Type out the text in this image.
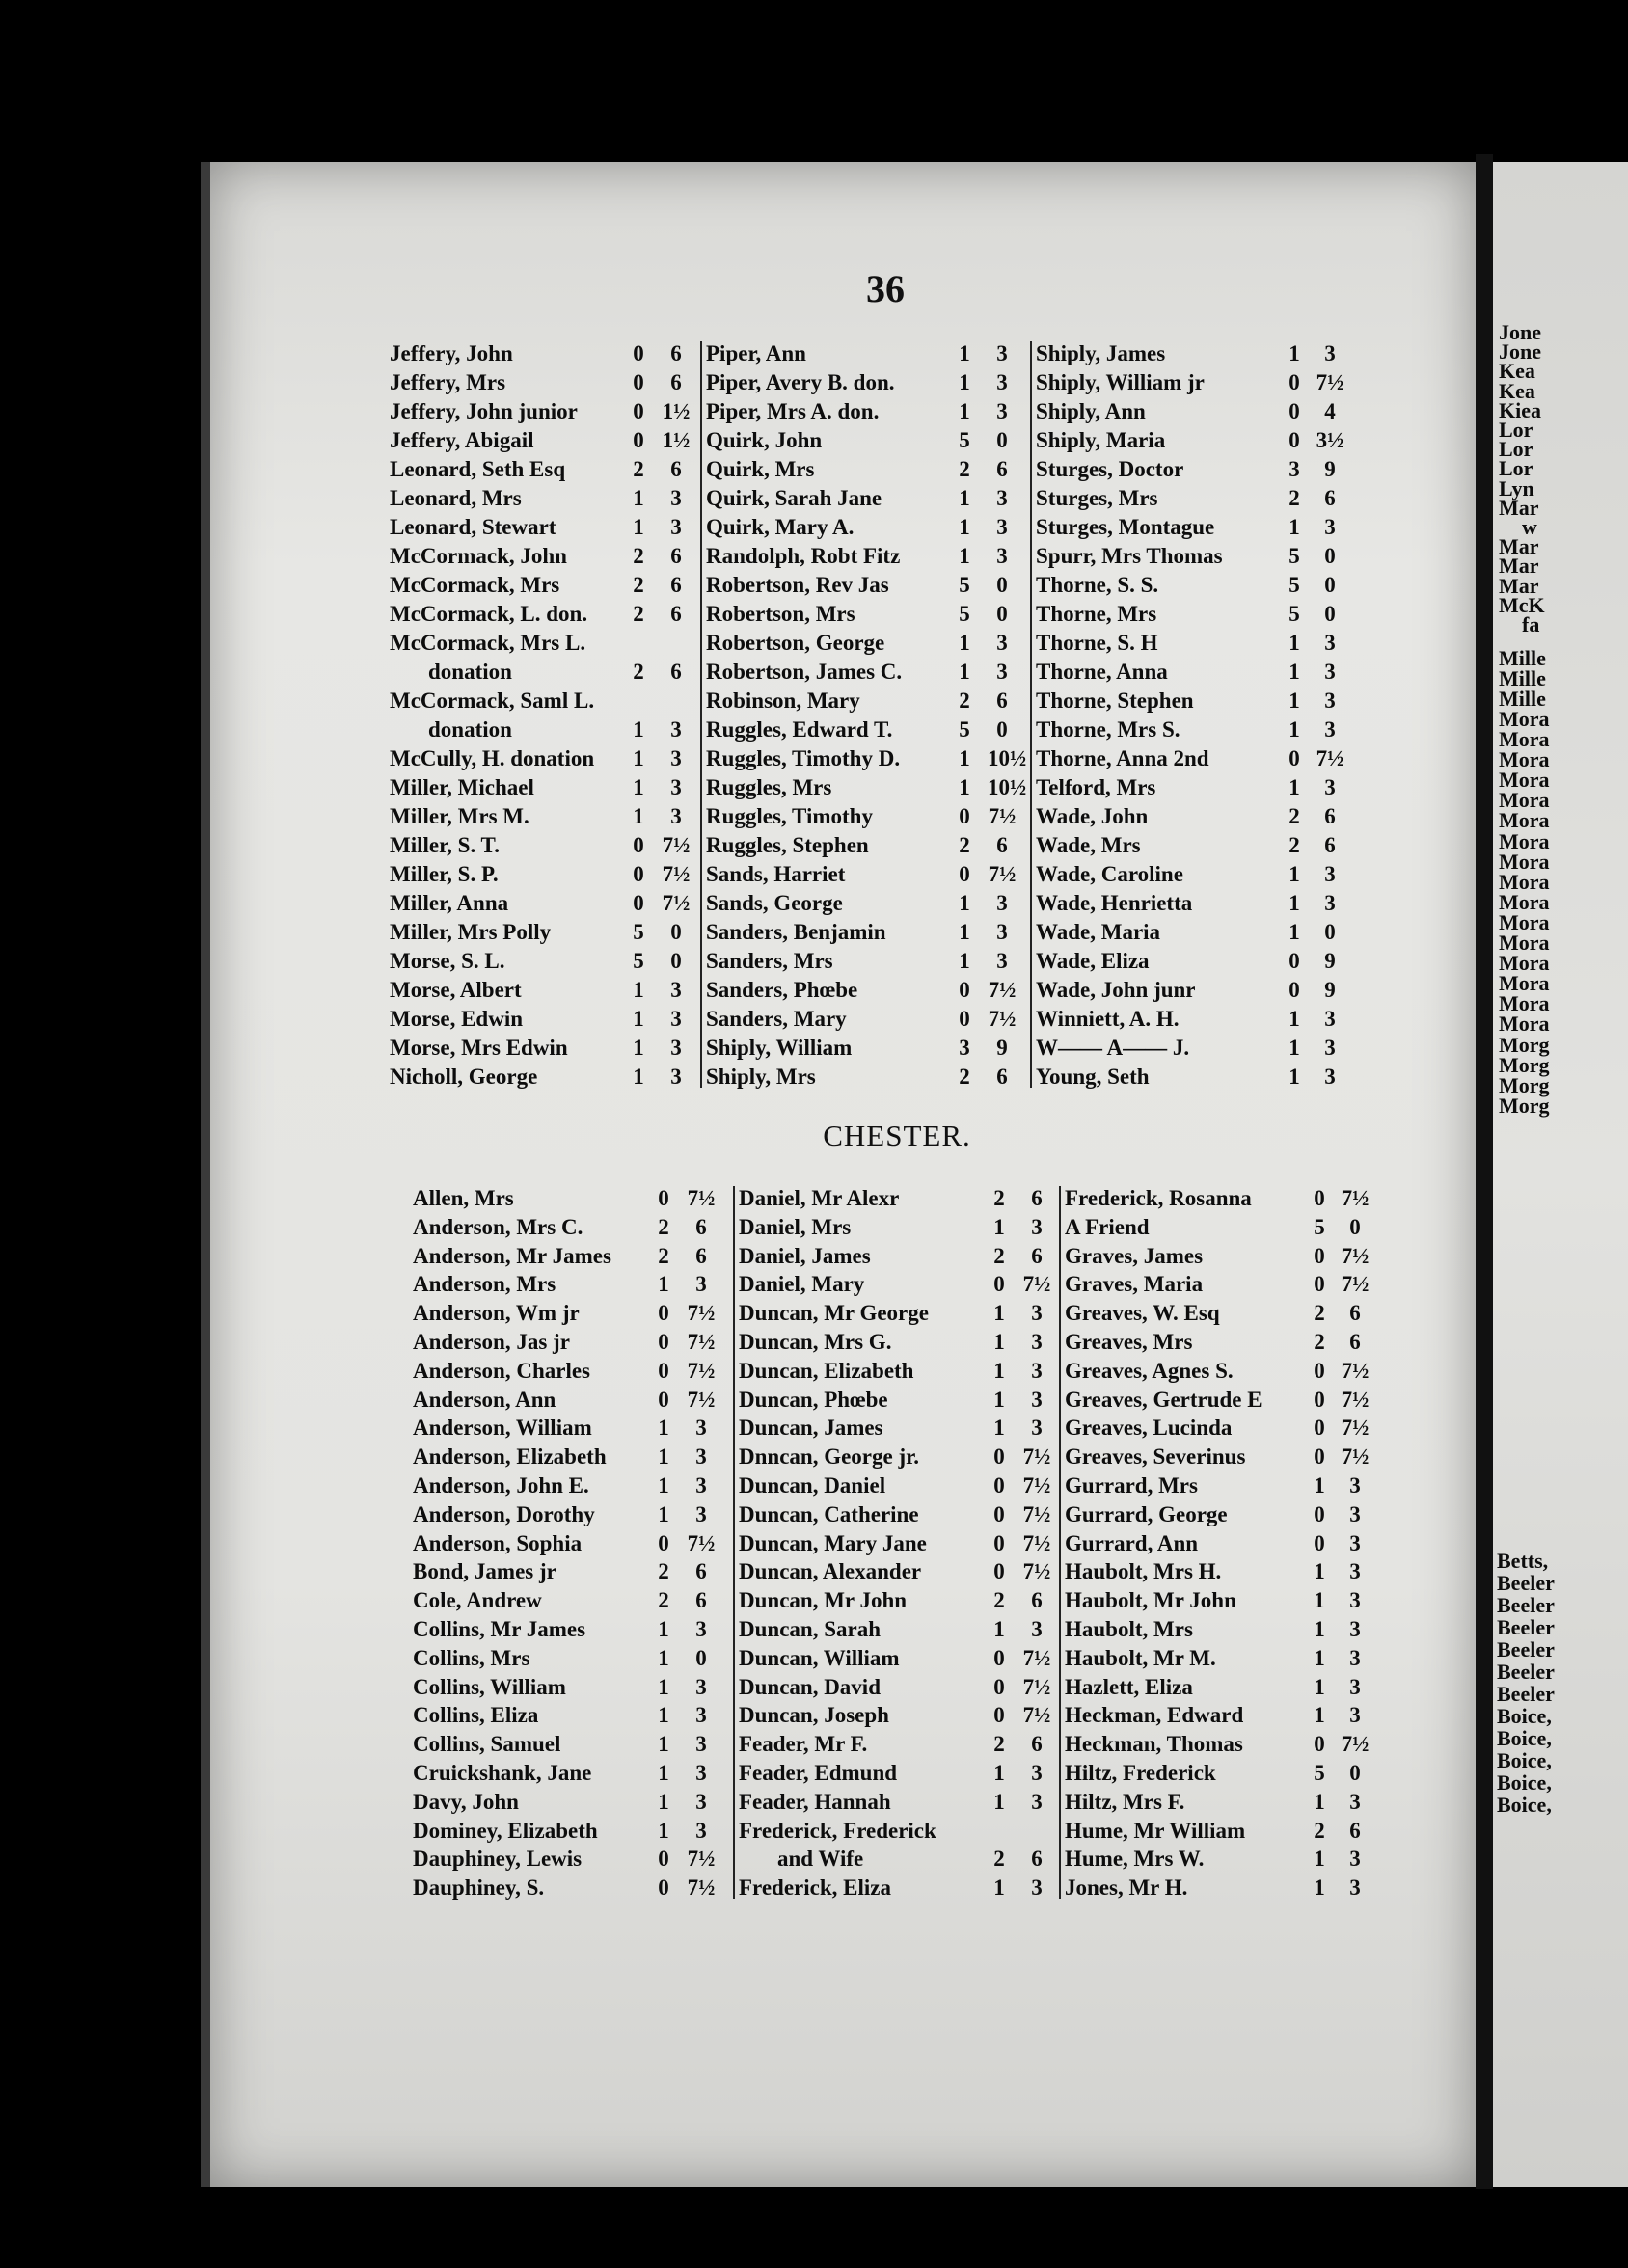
Jone
Jone
Kea
Kea
Kiea
Lor
Lor
Lor
Lyn
Mar
w
Mar
Mar
Mar
McK
fa
Mille
Mille
Mille
Mora
Mora
Mora
Mora
Mora
Mora
Mora
Mora
Mora
Mora
Mora
Mora
Mora
Mora
Mora
Mora
Morg
Morg
Morg
Morg
Betts,
Beeler
Beeler
Beeler
Beeler
Beeler
Beeler
Boice,
Boice,
Boice,
Boice,
Boice,
36
CHESTER.
Jeffery, John	0	6
Jeffery, Mrs	0	6
Jeffery, John junior 0 1½
Jeffery, Abigail	0 1½
Leonard, Seth Esq	2	6
Leonard, Mrs	1	3
Leonard, Stewart	1	3
McCormack, John	2	6
McCormack, Mrs	2	6
McCormack, L. don. 2	6
McCormack, Mrs L.
donation	2	6
McCormack, Saml L.
donation	1	3
McCully, H. donation 1	3
Miller, Michael	1	3
Miller, Mrs M.	1	3
Miller, S. T.	0 7½
Miller, S. P.	0 7½
Miller, Anna	0 7½
Miller, Mrs Polly	5	0
Morse, S. L.	5	0
Morse, Albert	1	3
Morse, Edwin	1	3
Morse, Mrs Edwin	1	3
Nicholl, George	1	3
Piper, Ann	1	3
Piper, Avery B. don.	1	3
Piper, Mrs A. don.	1	3
Quirk, John	5	0
Quirk, Mrs	2	6
Quirk, Sarah Jane	1	3
Quirk, Mary A.	1	3
Randolph, Robt Fitz	1	3
Robertson, Rev Jas	5	0
Robertson, Mrs	5	0
Robertson, George	1	3
Robertson, James C.	1	3
Robinson, Mary	2	6
Ruggles, Edward T.	5	0
Ruggles, Timothy D.	1 10½
Ruggles, Mrs	1 10½
Ruggles, Timothy	0 7½
Ruggles, Stephen	2	6
Sands, Harriet	0 7½
Sands, George	1	3
Sanders, Benjamin	1	3
Sanders, Mrs	1	3
Sanders, Phœbe	0 7½
Sanders, Mary	0 7½
Shiply, William	3	9
Shiply, Mrs	2	6
Shiply, James	1	3
Shiply, William jr	0 7½
Shiply, Ann	0	4
Shiply, Maria	0 3½
Sturges, Doctor	3	9
Sturges, Mrs	2	6
Sturges, Montague	1	3
Spurr, Mrs Thomas	5	0
Thorne, S. S.	5	0
Thorne, Mrs	5	0
Thorne, S. H	1	3
Thorne, Anna	1	3
Thorne, Stephen	1	3
Thorne, Mrs S.	1	3
Thorne, Anna 2nd	0 7½
Telford, Mrs	1	3
Wade, John	2	6
Wade, Mrs	2	6
Wade, Caroline	1	3
Wade, Henrietta	1	3
Wade, Maria	1	0
Wade, Eliza	0	9
Wade, John junr	0	9
Winniett, A. H.	1	3
W—— A—— J.	1	3
Young, Seth	1	3
Allen, Mrs	0 7½
Anderson, Mrs C.	2	6
Anderson, Mr James 2	6
Anderson, Mrs	1	3
Anderson, Wm jr	0 7½
Anderson, Jas jr	0 7½
Anderson, Charles	0 7½
Anderson, Ann	0 7½
Anderson, William	1	3
Anderson, Elizabeth 1	3
Anderson, John E.	1	3
Anderson, Dorothy	1	3
Anderson, Sophia	0 7½
Bond, James jr	2	6
Cole, Andrew	2	6
Collins, Mr James	1	3
Collins, Mrs	1	0
Collins, William	1	3
Collins, Eliza	1	3
Collins, Samuel	1	3
Cruickshank, Jane	1	3
Davy, John	1	3
Dominey, Elizabeth	1	3
Dauphiney, Lewis	0 7½
Dauphiney, S.	0 7½
Daniel, Mr Alexr	2	6
Daniel, Mrs	1	3
Daniel, James	2	6
Daniel, Mary	0 7½
Duncan, Mr George	1	3
Duncan, Mrs G.	1	3
Duncan, Elizabeth	1	3
Duncan, Phœbe	1	3
Duncan, James	1	3
Dnncan, George jr.	0 7½
Duncan, Daniel	0 7½
Duncan, Catherine	0 7½
Duncan, Mary Jane	0 7½
Duncan, Alexander	0 7½
Duncan, Mr John	2	6
Duncan, Sarah	1	3
Duncan, William	0 7½
Duncan, David	0 7½
Duncan, Joseph	0 7½
Feader, Mr F.	2	6
Feader, Edmund	1	3
Feader, Hannah	1	3
Frederick, Frederick
and Wife	2	6
Frederick, Eliza	1	3
Frederick, Rosanna	0 7½
A Friend	5	0
Graves, James	0 7½
Graves, Maria	0 7½
Greaves, W. Esq	2	6
Greaves, Mrs	2	6
Greaves, Agnes S.	0 7½
Greaves, Gertrude E 0 7½
Greaves, Lucinda	0 7½
Greaves, Severinus	0 7½
Gurrard, Mrs	1	3
Gurrard, George	0	3
Gurrard, Ann	0	3
Haubolt, Mrs H.	1	3
Haubolt, Mr John	1	3
Haubolt, Mrs	1	3
Haubolt, Mr M.	1	3
Hazlett, Eliza	1	3
Heckman, Edward	1	3
Heckman, Thomas	0 7½
Hiltz, Frederick	5	0
Hiltz, Mrs F.	1	3
Hume, Mr William	2	6
Hume, Mrs W.	1	3
Jones, Mr H.	1	3
